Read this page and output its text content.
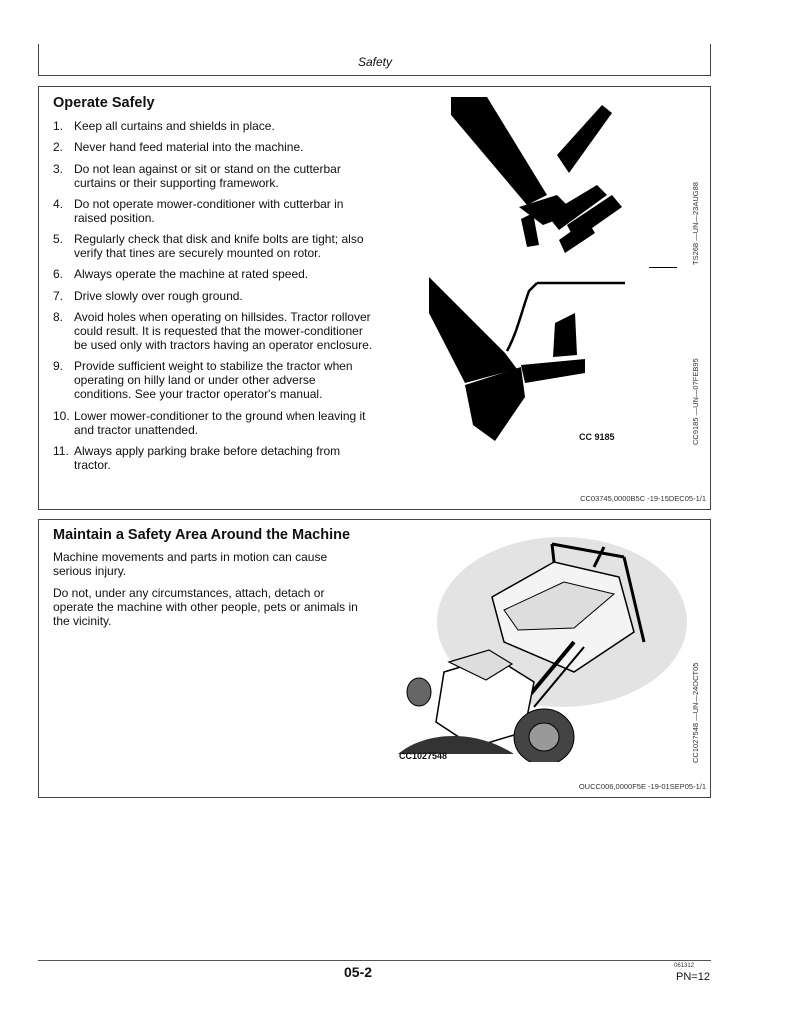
Safety
Operate Safely
1. Keep all curtains and shields in place.
2. Never hand feed material into the machine.
3. Do not lean against or sit or stand on the cutterbar curtains or their supporting framework.
4. Do not operate mower-conditioner with cutterbar in raised position.
5. Regularly check that disk and knife bolts are tight; also verify that tines are securely mounted on rotor.
6. Always operate the machine at rated speed.
7. Drive slowly over rough ground.
8. Avoid holes when operating on hillsides. Tractor rollover could result. It is requested that the mower-conditioner be used only with tractors having an operator enclosure.
9. Provide sufficient weight to stabilize the tractor when operating on hilly land or under other adverse conditions. See your tractor operator's manual.
10. Lower mower-conditioner to the ground when leaving it and tractor unattended.
11. Always apply parking brake before detaching from tractor.
CC 9185
TS268 —UN—23AUG88
CC9185 —UN—07FEB95
CC03745,0000B5C -19-15DEC05-1/1
Maintain a Safety Area Around the Machine

Machine movements and parts in motion can cause serious injury.

Do not, under any circumstances, attach, detach or operate the machine with other people, pets or animals in the vicinity.

CC1027548	CC1027548 —UN—24OCT05
OUCC006,0000F5E -19-01SEP05-1/1
05-2	061312
PN=12
